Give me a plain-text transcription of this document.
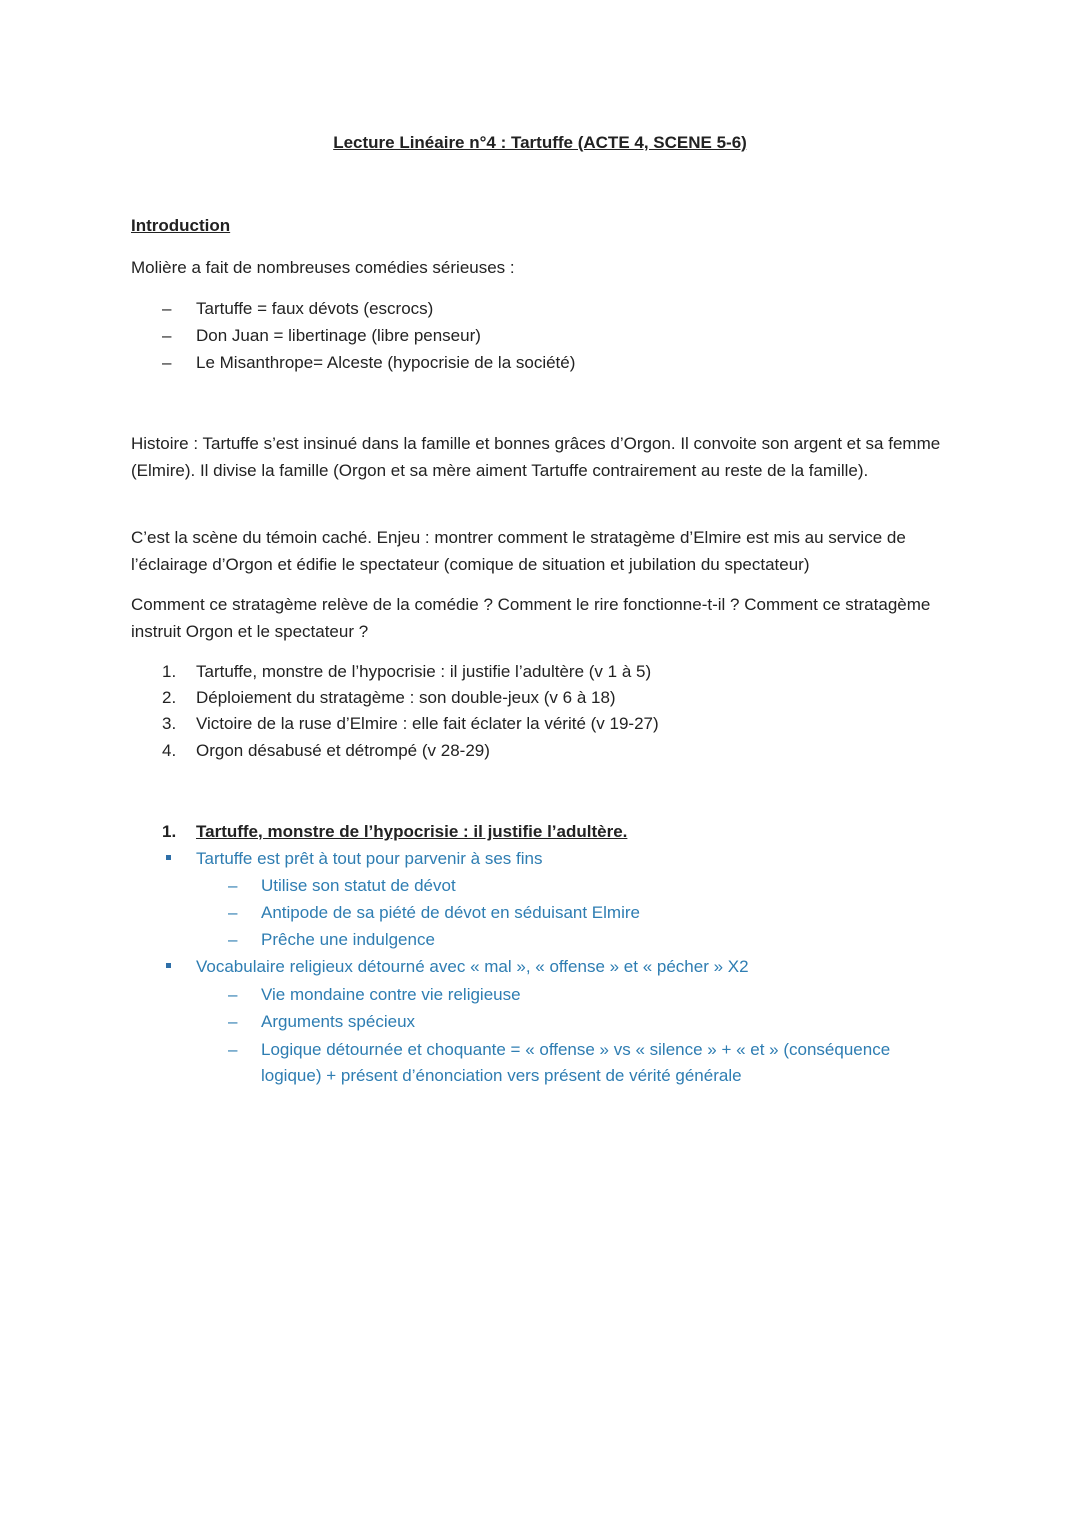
Lecture Linéaire n°4 : Tartuffe (ACTE 4, SCENE 5-6)
Introduction
Molière a fait de nombreuses comédies sérieuses :
– Tartuffe = faux dévots (escrocs)
– Don Juan = libertinage (libre penseur)
– Le Misanthrope= Alceste (hypocrisie de la société)
Histoire : Tartuffe s’est insinué dans la famille et bonnes grâces d’Orgon. Il convoite son argent et sa femme (Elmire). Il divise la famille (Orgon et sa mère aiment Tartuffe contrairement au reste de la famille).
C’est la scène du témoin caché. Enjeu : montrer comment le stratagème d’Elmire est mis au service de l’éclairage d’Orgon et édifie le spectateur (comique de situation et jubilation du spectateur)
Comment ce stratagème relève de la comédie ? Comment le rire fonctionne-t-il ? Comment ce stratagème instruit Orgon et le spectateur ?
1. Tartuffe, monstre de l’hypocrisie : il justifie l’adultère (v 1 à 5)
2. Déploiement du stratagème : son double-jeux (v 6 à 18)
3. Victoire de la ruse d’Elmire : elle fait éclater la vérité (v 19-27)
4. Orgon désabusé et détrompé (v 28-29)
1. Tartuffe, monstre de l’hypocrisie : il justifie l’adultère.
Tartuffe est prêt à tout pour parvenir à ses fins
– Utilise son statut de dévot
– Antipode de sa piété de dévot en séduisant Elmire
– Prêche une indulgence
Vocabulaire religieux détourné avec « mal », « offense » et « pécher » X2
– Vie mondaine contre vie religieuse
– Arguments spécieux
– Logique détournée et choquante = « offense » vs « silence » + « et » (conséquence
logique) + présent d’énonciation vers présent de vérité générale
